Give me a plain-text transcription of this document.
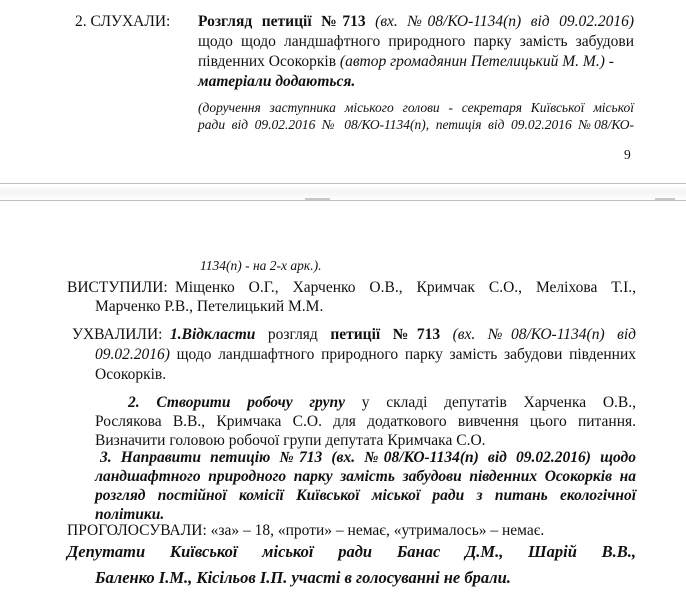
2. СЛУХАЛИ: Розгляд петиції №713 (вх. №08/КО-1134(п) від 09.02.2016)
щодо щодо ландшафтного природного парку замість забудови
південних Осокорків (автор громадянин Петелицький М. М.) -
матеріали додаються.
(доручення заступника міського голови - секретаря Київської міської
ради від 09.02.2016 № 08/КО-1134(п), петиція від 09.02.2016 №08/КО-
9
1134(п) - на 2-х арк.).
ВИСТУПИЛИ: Міщенко О.Г., Харченко О.В., Кримчак С.О., Меліхова Т.І.,
Марченко Р.В., Петелицький М.М.
УХВАЛИЛИ: 1.Відкласти розгляд петиції №713 (вх. №08/КО-1134(п) від
09.02.2016) щодо ландшафтного природного парку замість забудови південних
Осокорків.
2. Створити робочу групу у складі депутатів Харченка О.В.,
Рослякова В.В., Кримчака С.О. для додаткового вивчення цього питання.
Визначити головою робочої групи депутата Кримчака С.О.
3. Направити петицію №713 (вх. №08/КО-1134(п) від 09.02.2016) щодо
ландшафтного природного парку замість забудови південних Осокорків на
розгляд постійної комісії Київської міської ради з питань екологічної
політики.
ПРОГОЛОСУВАЛИ: «за» – 18, «проти» – немає, «утрималось» – немає.
Депутати Київської міської ради Банас Д.М., Шарій В.В.,
Баленко І.М., Кісільов І.П. участі в голосуванні не брали.
